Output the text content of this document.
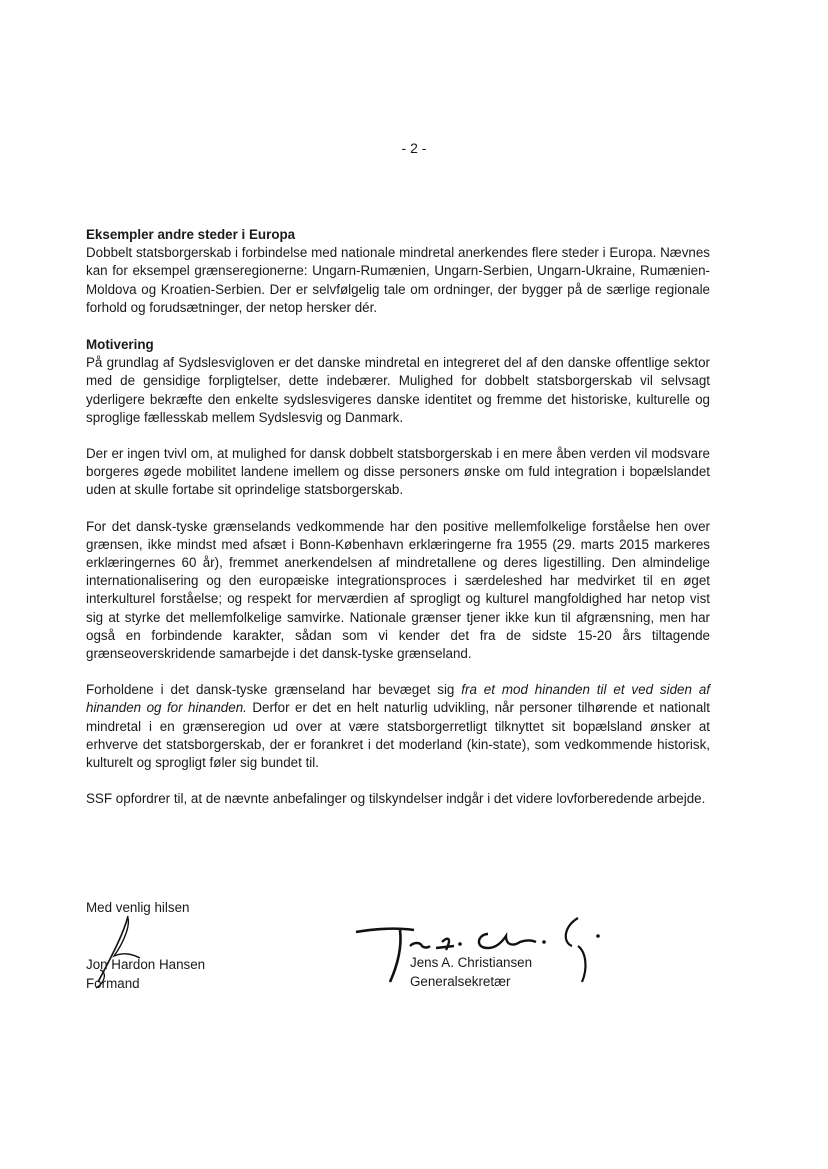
- 2 -

Eksempler andre steder i Europa

Dobbelt statsborgerskab i forbindelse med nationale mindretal anerkendes flere steder i Europa. Nævnes kan for eksempel grænseregionerne: Ungarn-Rumænien, Ungarn-Serbien, Ungarn-Ukraine, Rumænien-Moldova og Kroatien-Serbien. Der er selvfølgelig tale om ordninger, der bygger på de særlige regionale forhold og forudsætninger, der netop hersker dér.

Motivering

På grundlag af Sydslesvigloven er det danske mindretal en integreret del af den danske offentlige sektor med de gensidige forpligtelser, dette indebærer. Mulighed for dobbelt statsborgerskab vil selvsagt yderligere bekræfte den enkelte sydslesvigeres danske identitet og fremme det historiske, kulturelle og sproglige fællesskab mellem Sydslesvig og Danmark.

Der er ingen tvivl om, at mulighed for dansk dobbelt statsborgerskab i en mere åben verden vil modsvare borgeres øgede mobilitet landene imellem og disse personers ønske om fuld integration i bopælslandet uden at skulle fortabe sit oprindelige statsborgerskab.

For det dansk-tyske grænselands vedkommende har den positive mellemfolkelige forståelse hen over grænsen, ikke mindst med afsæt i Bonn-København erklæringerne fra 1955 (29. marts 2015 markeres erklæringernes 60 år), fremmet anerkendelsen af mindretallene og deres ligestilling. Den almindelige internationalisering og den europæiske integrationsproces i særdeleshed har medvirket til en øget interkulturel forståelse; og respekt for merværdien af sprogligt og kulturel mangfoldighed har netop vist sig at styrke det mellemfolkelige samvirke. Nationale grænser tjener ikke kun til afgrænsning, men har også en forbindende karakter, sådan som vi kender det fra de sidste 15-20 års tiltagende grænseoverskridende samarbejde i det dansk-tyske grænseland.

Forholdene i det dansk-tyske grænseland har bevæget sig fra et mod hinanden til et ved siden af hinanden og for hinanden. Derfor er det en helt naturlig udvikling, når personer tilhørende et nationalt mindretal i en grænseregion ud over at være statsborgerretligt tilknyttet sit bopælsland ønsker at erhverve det statsborgerskab, der er forankret i det moderland (kin-state), som vedkommende historisk, kulturelt og sprogligt føler sig bundet til.

SSF opfordrer til, at de nævnte anbefalinger og tilskyndelser indgår i det videre lovforberedende arbejde.

Med venlig hilsen
Jon Hardon Hansen
Formand
Jens A. Christiansen
Generalsekretær
